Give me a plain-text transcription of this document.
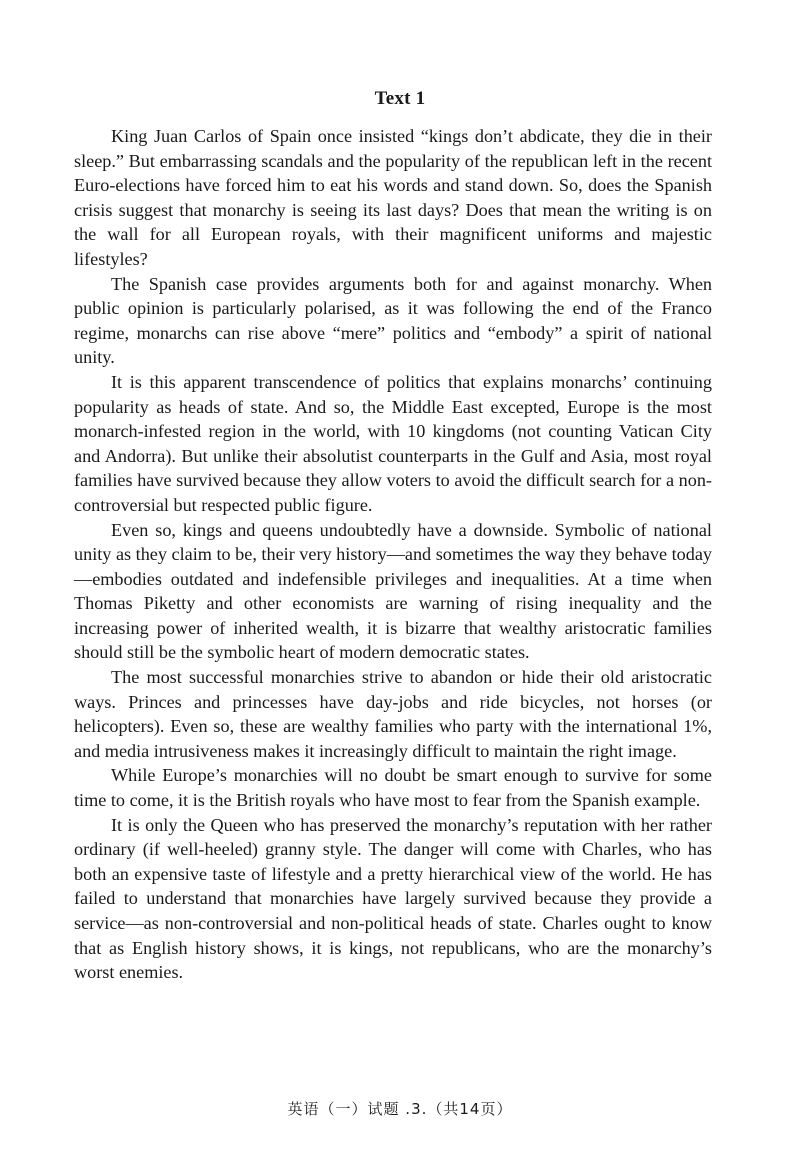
Text 1

King Juan Carlos of Spain once insisted “kings don’t abdicate, they die in their sleep.” But embarrassing scandals and the popularity of the republican left in the recent Euro-elections have forced him to eat his words and stand down. So, does the Spanish crisis suggest that monarchy is seeing its last days? Does that mean the writing is on the wall for all European royals, with their magnificent uniforms and majestic lifestyles?

The Spanish case provides arguments both for and against monarchy. When public opinion is particularly polarised, as it was following the end of the Franco regime, monarchs can rise above “mere” politics and “embody” a spirit of national unity.

It is this apparent transcendence of politics that explains monarchs’ continuing popularity as heads of state. And so, the Middle East excepted, Europe is the most monarch-infested region in the world, with 10 kingdoms (not counting Vatican City and Andorra). But unlike their absolutist counterparts in the Gulf and Asia, most royal families have survived because they allow voters to avoid the difficult search for a non-controversial but respected public figure.

Even so, kings and queens undoubtedly have a downside. Symbolic of national unity as they claim to be, their very history—and sometimes the way they behave today—embodies outdated and indefensible privileges and inequalities. At a time when Thomas Piketty and other economists are warning of rising inequality and the increasing power of inherited wealth, it is bizarre that wealthy aristocratic families should still be the symbolic heart of modern democratic states.

The most successful monarchies strive to abandon or hide their old aristocratic ways. Princes and princesses have day-jobs and ride bicycles, not horses (or helicopters). Even so, these are wealthy families who party with the international 1%, and media intrusiveness makes it increasingly difficult to maintain the right image.

While Europe’s monarchies will no doubt be smart enough to survive for some time to come, it is the British royals who have most to fear from the Spanish example.

It is only the Queen who has preserved the monarchy’s reputation with her rather ordinary (if well-heeled) granny style. The danger will come with Charles, who has both an expensive taste of lifestyle and a pretty hierarchical view of the world. He has failed to understand that monarchies have largely survived because they provide a service—as non-controversial and non-political heads of state. Charles ought to know that as English history shows, it is kings, not republicans, who are the monarchy’s worst enemies.

英语（一）试题 .3.（共14页）
